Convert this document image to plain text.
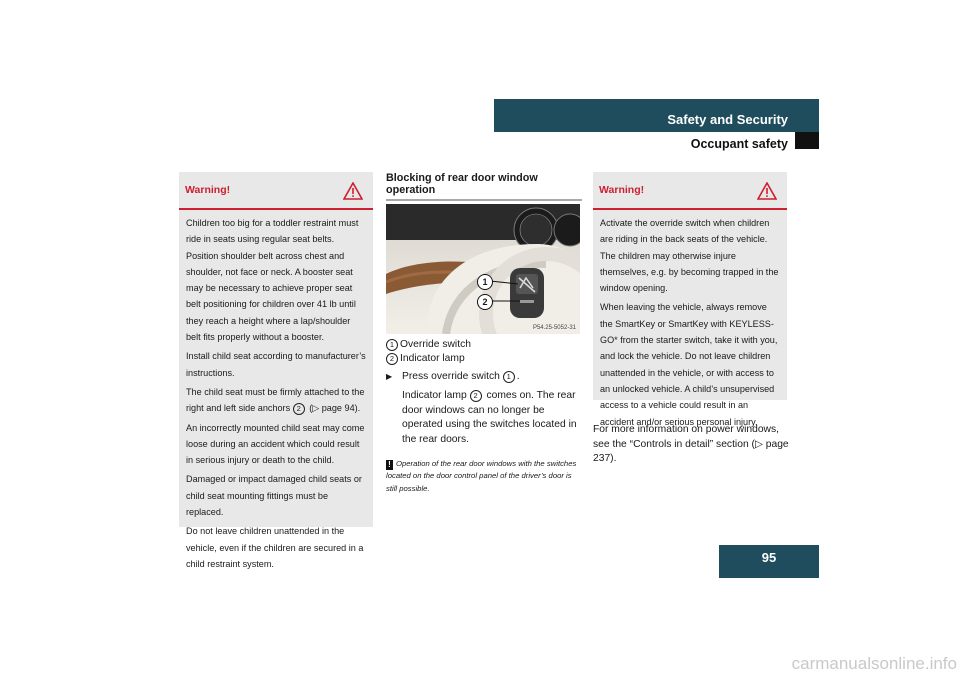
Safety and Security
Occupant safety
Warning!

Children too big for a toddler restraint must ride in seats using regular seat belts. Position shoulder belt across chest and shoulder, not face or neck. A booster seat may be necessary to achieve proper seat belt positioning for children over 41 lb until they reach a height where a lap/shoulder belt fits properly without a booster.

Install child seat according to manufacturer’s instructions.

The child seat must be firmly attached to the right and left side anchors 2 (▷ page 94).

An incorrectly mounted child seat may come loose during an accident which could result in serious injury or death to the child.

Damaged or impact damaged child seats or child seat mounting fittings must be replaced.

Do not leave children unattended in the vehicle, even if the children are secured in a child restraint system.

Blocking of rear door window operation
1
2
P54.25-5052-31
1 Override switch
2 Indicator lamp
▶ Press override switch 1 .
Indicator lamp 2 comes on. The rear door windows can no longer be operated using the switches located in the rear doors.
! Operation of the rear door windows with the switches located on the door control panel of the driver’s door is still possible.
Warning!

Activate the override switch when children are riding in the back seats of the vehicle. The children may otherwise injure themselves, e.g. by becoming trapped in the window opening.

When leaving the vehicle, always remove the SmartKey or SmartKey with KEYLESS-GO* from the starter switch, take it with you, and lock the vehicle. Do not leave children unattended in the vehicle, or with access to an unlocked vehicle. A child’s unsupervised access to a vehicle could result in an accident and/or serious personal injury.

For more information on power windows, see the “Controls in detail” section (▷ page 237).
95
carmanualsonline.info
